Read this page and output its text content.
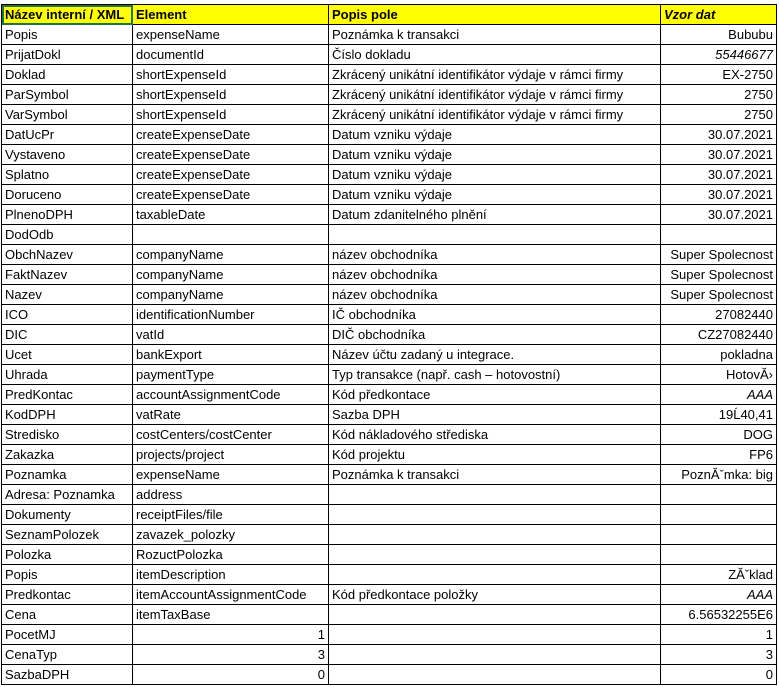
Název interní / XML	Element	Popis pole	Vzor dat
Popis	expenseName	Poznámka k transakci	Bububu
PrijatDokl	documentId	Číslo dokladu	55446677
Doklad	shortExpenseId	Zkrácený unikátní identifikátor výdaje v rámci firmy	EX-2750
ParSymbol	shortExpenseId	Zkrácený unikátní identifikátor výdaje v rámci firmy	2750
VarSymbol	shortExpenseId	Zkrácený unikátní identifikátor výdaje v rámci firmy	2750
DatUcPr	createExpenseDate	Datum vzniku výdaje	30.07.2021
Vystaveno	createExpenseDate	Datum vzniku výdaje	30.07.2021
Splatno	createExpenseDate	Datum vzniku výdaje	30.07.2021
Doruceno	createExpenseDate	Datum vzniku výdaje	30.07.2021
PlnenoDPH	taxableDate	Datum zdanitelného plnění	30.07.2021
DodOdb			
ObchNazev	companyName	název obchodníka	Super Spolecnost
FaktNazev	companyName	název obchodníka	Super Spolecnost
Nazev	companyName	název obchodníka	Super Spolecnost
ICO	identificationNumber	IČ obchodníka	27082440
DIC	vatId	DIČ obchodníka	CZ27082440
Ucet	bankExport	Název účtu zadaný u integrace.	pokladna
Uhrada	paymentType	Typ transakce (např. cash – hotovostní)	HotovĂ›
PredKontac	accountAssignmentCode	Kód předkontace	AAA
KodDPH	vatRate	Sazba DPH	19Ĺ40,41
Stredisko	costCenters/costCenter	Kód nákladového střediska	DOG
Zakazka	projects/project	Kód projektu	FP6
Poznamka	expenseName	Poznámka k transakci	PoznĂˇmka: big
Adresa: Poznamka	address		
Dokumenty	receiptFiles/file		
SeznamPolozek	zavazek_polozky		
Polozka	RozuctPolozka		
Popis	itemDescription		ZĂˇklad
Predkontac	itemAccountAssignmentCode	Kód předkontace položky	AAA
Cena	itemTaxBase		6.56532255E6
PocetMJ	1		1
CenaTyp	3		3
SazbaDPH	0		0
